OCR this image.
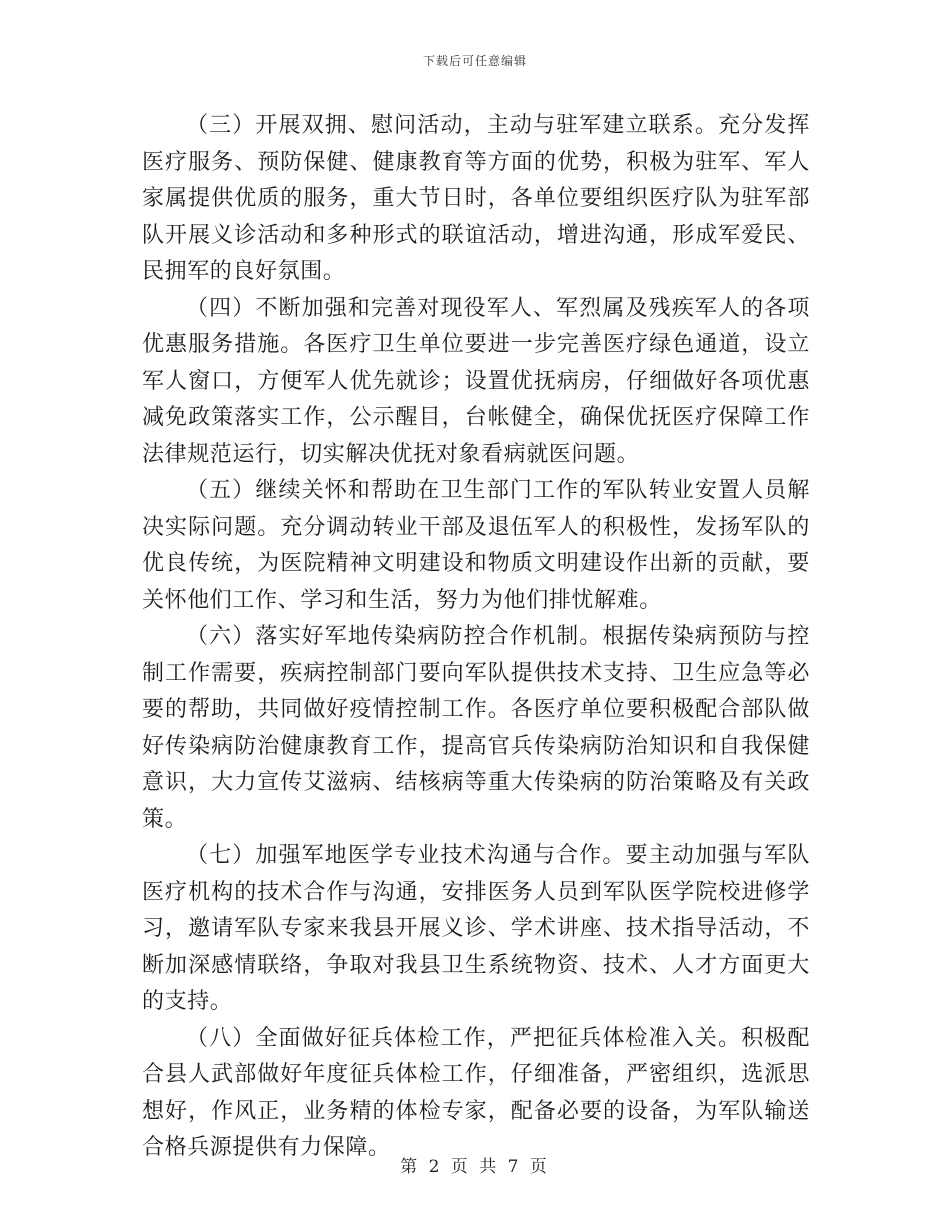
下载后可任意编辑

（三）开展双拥、慰问活动，主动与驻军建立联系。充分发挥医疗服务、预防保健、健康教育等方面的优势，积极为驻军、军人家属提供优质的服务，重大节日时，各单位要组织医疗队为驻军部队开展义诊活动和多种形式的联谊活动，增进沟通，形成军爱民、民拥军的良好氛围。

（四）不断加强和完善对现役军人、军烈属及残疾军人的各项优惠服务措施。各医疗卫生单位要进一步完善医疗绿色通道，设立军人窗口，方便军人优先就诊；设置优抚病房，仔细做好各项优惠减免政策落实工作，公示醒目，台帐健全，确保优抚医疗保障工作法律规范运行，切实解决优抚对象看病就医问题。

（五）继续关怀和帮助在卫生部门工作的军队转业安置人员解决实际问题。充分调动转业干部及退伍军人的积极性，发扬军队的优良传统，为医院精神文明建设和物质文明建设作出新的贡献，要关怀他们工作、学习和生活，努力为他们排忧解难。

（六）落实好军地传染病防控合作机制。根据传染病预防与控制工作需要，疾病控制部门要向军队提供技术支持、卫生应急等必要的帮助，共同做好疫情控制工作。各医疗单位要积极配合部队做好传染病防治健康教育工作，提高官兵传染病防治知识和自我保健意识，大力宣传艾滋病、结核病等重大传染病的防治策略及有关政策。

（七）加强军地医学专业技术沟通与合作。要主动加强与军队医疗机构的技术合作与沟通，安排医务人员到军队医学院校进修学习，邀请军队专家来我县开展义诊、学术讲座、技术指导活动，不断加深感情联络，争取对我县卫生系统物资、技术、人才方面更大的支持。

（八）全面做好征兵体检工作，严把征兵体检准入关。积极配合县人武部做好年度征兵体检工作，仔细准备，严密组织，选派思想好，作风正，业务精的体检专家，配备必要的设备，为军队输送合格兵源提供有力保障。

第 2 页 共 7 页
